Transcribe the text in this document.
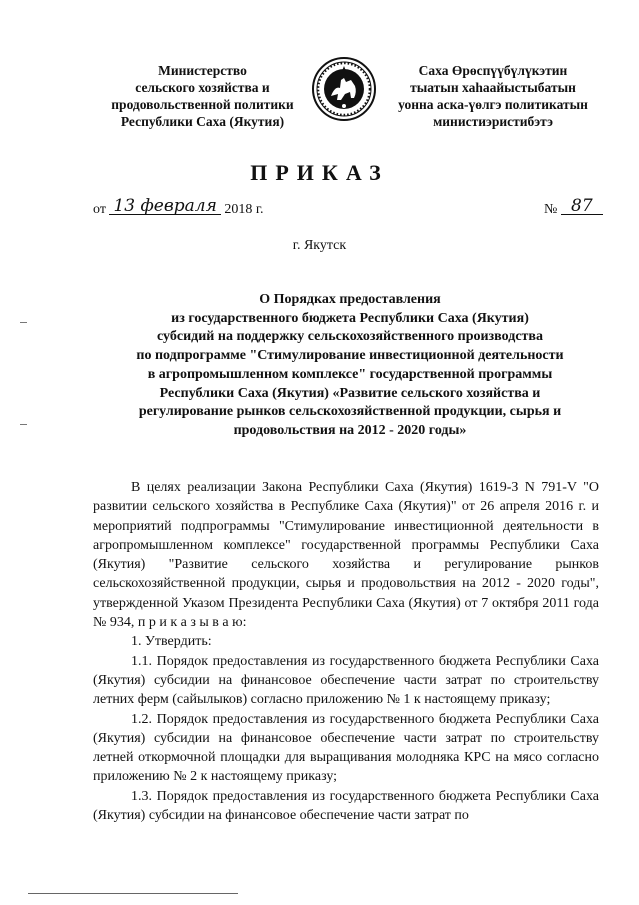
Министерство
сельского хозяйства и
продовольственной политики
Республики Саха (Якутия)
Саха Өрөспүүбүлүкэтин
тыатын хаһаайыстыбатын
уонна аска-үөлгэ политикатын
министиэристибэтэ
ПРИКАЗ
от 13 февраля 2018 г.	№ 87
г. Якутск
О Порядках предоставления
из государственного бюджета Республики Саха (Якутия)
субсидий на поддержку сельскохозяйственного производства
по подпрограмме "Стимулирование инвестиционной деятельности
в агропромышленном комплексе" государственной программы
Республики Саха (Якутия) «Развитие сельского хозяйства и
регулирование рынков сельскохозяйственной продукции, сырья и
продовольствия на 2012 - 2020 годы»

В целях реализации Закона Республики Саха (Якутия) 1619-З N 791-V "О развитии сельского хозяйства в Республике Саха (Якутия)" от 26 апреля 2016 г. и мероприятий подпрограммы "Стимулирование инвестиционной деятельности в агропромышленном комплексе" государственной программы Республики Саха (Якутия) "Развитие сельского хозяйства и регулирование рынков сельскохозяйственной продукции, сырья и продовольствия на 2012 - 2020 годы", утвержденной Указом Президента Республики Саха (Якутия) от 7 октября 2011 года № 934, п р и к а з ы в а ю:

1. Утвердить:

1.1. Порядок предоставления из государственного бюджета Республики Саха (Якутия) субсидии на финансовое обеспечение части затрат по строительству летних ферм (сайылыков) согласно приложению № 1 к настоящему приказу;

1.2. Порядок предоставления из государственного бюджета Республики Саха (Якутия) субсидии на финансовое обеспечение части затрат по строительству летней откормочной площадки для выращивания молодняка КРС на мясо согласно приложению № 2 к настоящему приказу;

1.3. Порядок предоставления из государственного бюджета Республики Саха (Якутия) субсидии на финансовое обеспечение части затрат по
